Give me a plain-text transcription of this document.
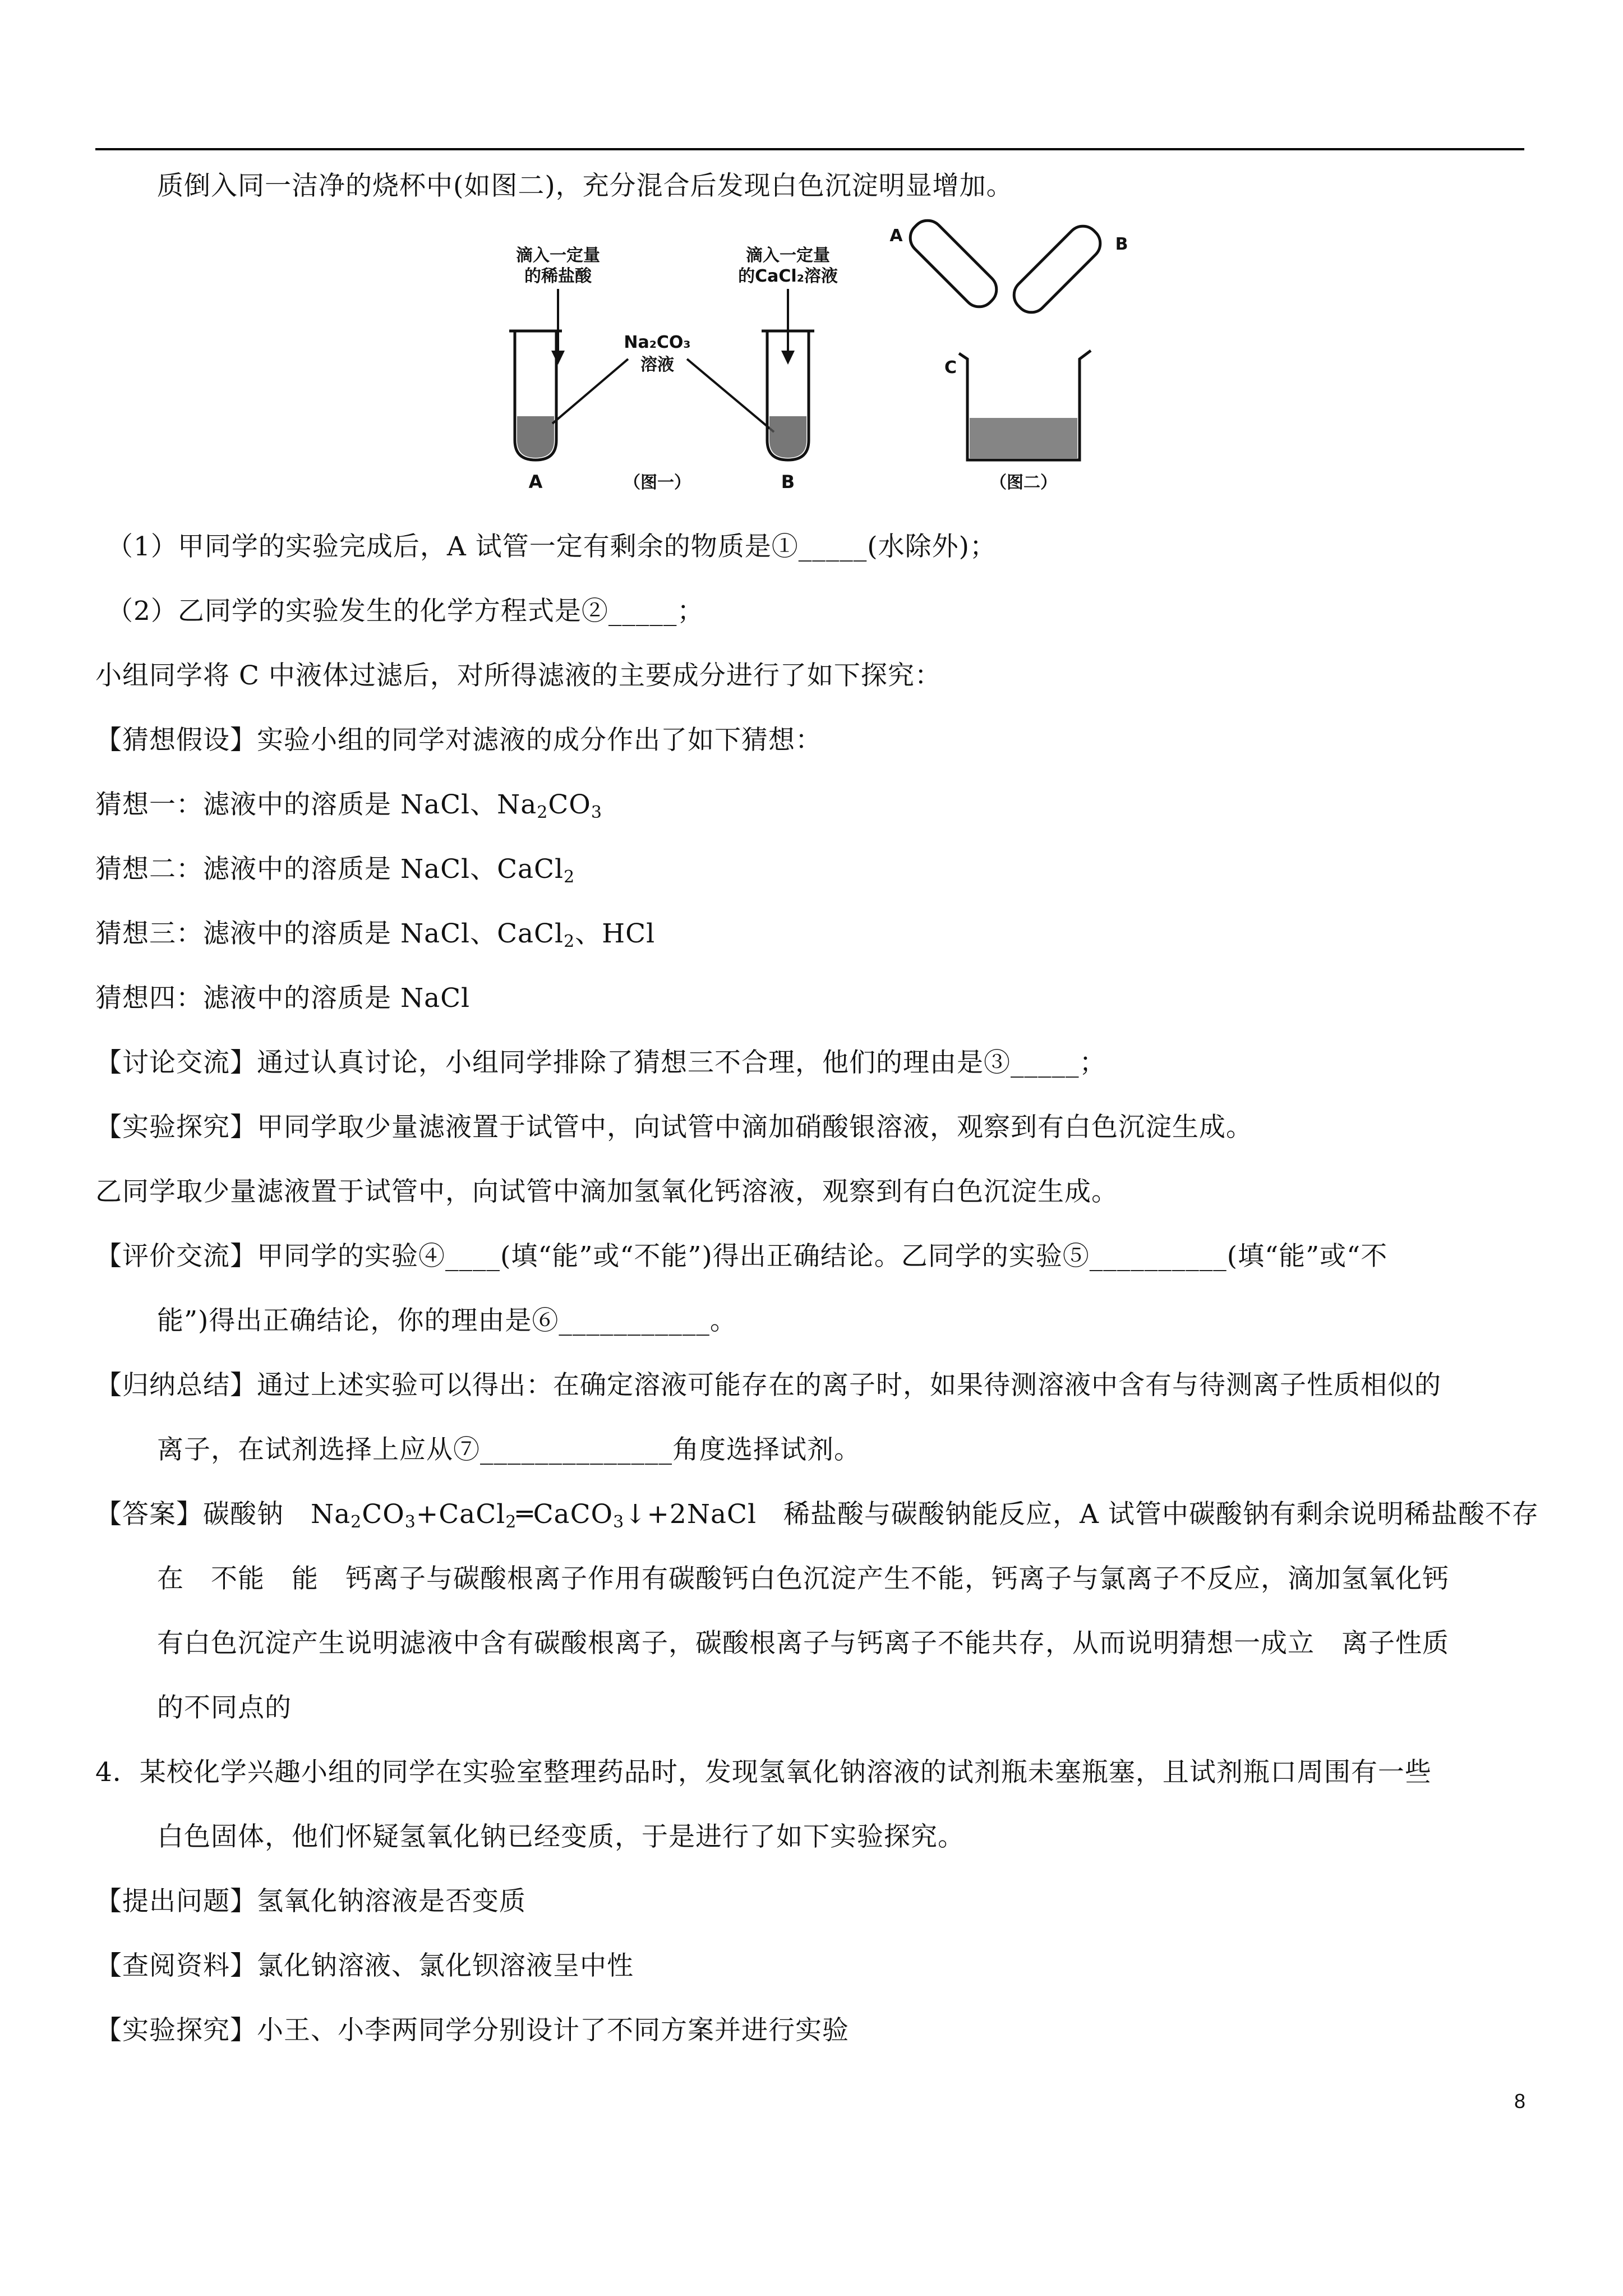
质倒入同一洁净的烧杯中(如图二)，充分混合后发现白色沉淀明显增加。
滴入一定量
的稀盐酸
A
Na₂CO₃
溶液
（图一）
滴入一定量
的CaCl₂溶液
B
A	B
C
（图二）
（1）甲同学的实验完成后，A 试管一定有剩余的物质是①_____(水除外)；
（2）乙同学的实验发生的化学方程式是②_____；
小组同学将 C 中液体过滤后，对所得滤液的主要成分进行了如下探究：
【猜想假设】实验小组的同学对滤液的成分作出了如下猜想：
猜想一：滤液中的溶质是 NaCl、$Na_2CO_3$
猜想二：滤液中的溶质是 NaCl、CaCl$_2$
猜想三：滤液中的溶质是 NaCl、CaCl$_2$、HCl
猜想四：滤液中的溶质是 NaCl
【讨论交流】通过认真讨论，小组同学排除了猜想三不合理，他们的理由是③_____；
【实验探究】甲同学取少量滤液置于试管中，向试管中滴加硝酸银溶液，观察到有白色沉淀生成。
乙同学取少量滤液置于试管中，向试管中滴加氢氧化钙溶液，观察到有白色沉淀生成。
【评价交流】甲同学的实验④____(填“能”或“不能”)得出正确结论。乙同学的实验⑤__________(填“能”或“不
能”)得出正确结论，你的理由是⑥___________。
【归纳总结】通过上述实验可以得出：在确定溶液可能存在的离子时，如果待测溶液中含有与待测离子性质相似的
离子，在试剂选择上应从⑦______________角度选择试剂。
【答案】碳酸钠　$Na_2CO_3+CaCl_2═CaCO_3↓+2NaCl$　稀盐酸与碳酸钠能反应，A 试管中碳酸钠有剩余说明稀盐酸不存
在　不能　能　钙离子与碳酸根离子作用有碳酸钙白色沉淀产生不能，钙离子与氯离子不反应，滴加氢氧化钙
有白色沉淀产生说明滤液中含有碳酸根离子，碳酸根离子与钙离子不能共存，从而说明猜想一成立　离子性质
的不同点的
4．某校化学兴趣小组的同学在实验室整理药品时，发现氢氧化钠溶液的试剂瓶未塞瓶塞，且试剂瓶口周围有一些
白色固体，他们怀疑氢氧化钠已经变质，于是进行了如下实验探究。
【提出问题】氢氧化钠溶液是否变质
【查阅资料】氯化钠溶液、氯化钡溶液呈中性
【实验探究】小王、小李两同学分别设计了不同方案并进行实验
8
